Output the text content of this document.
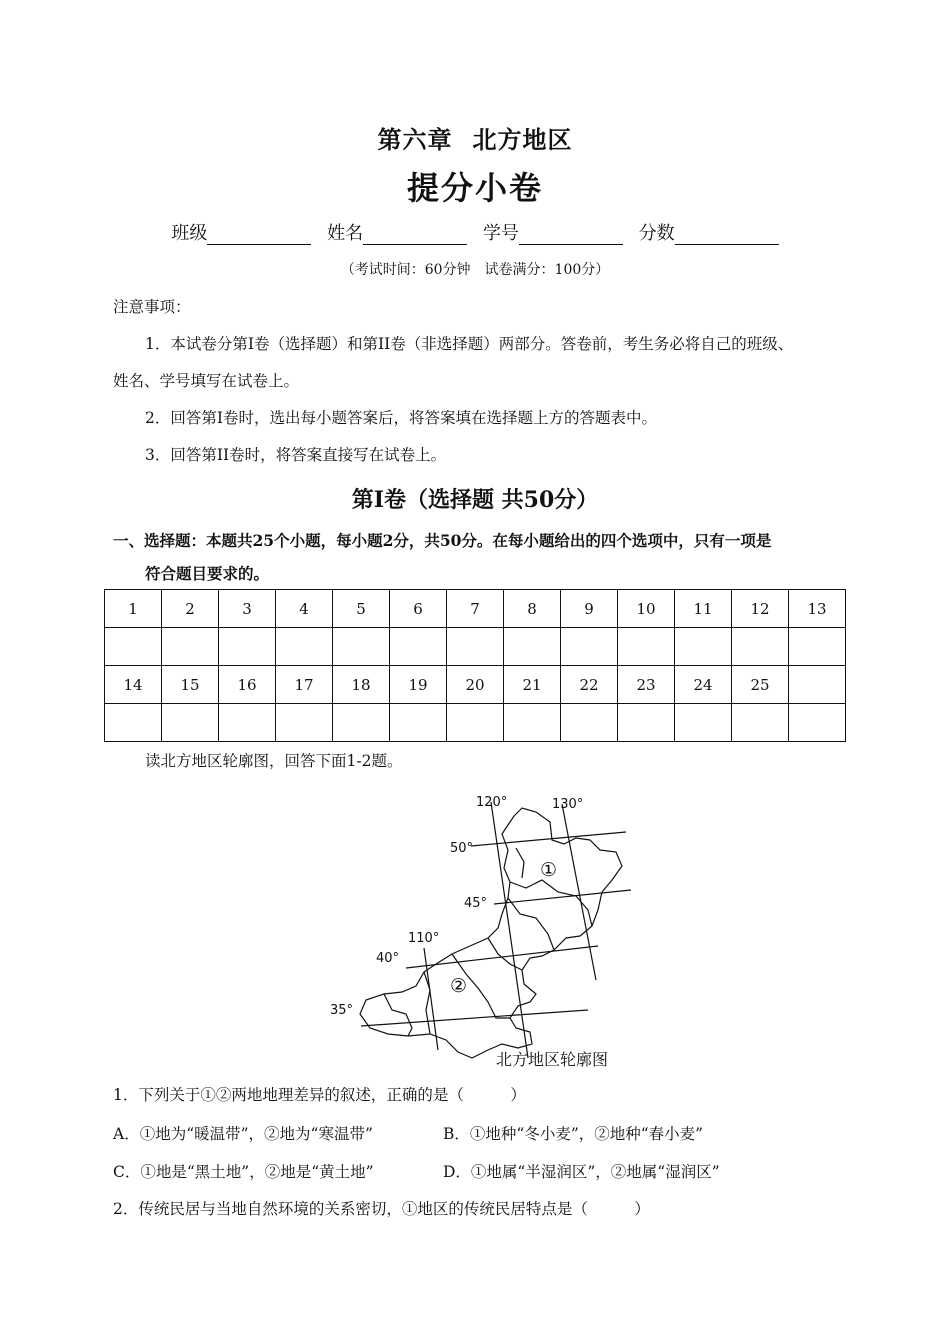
第六章 北方地区
提分小卷
班级	姓名	学号	分数
（考试时间：60分钟　试卷满分：100分）
注意事项：
1．本试卷分第I卷（选择题）和第II卷（非选择题）两部分。答卷前，考生务必将自己的班级、
姓名、学号填写在试卷上。
2．回答第I卷时，选出每小题答案后，将答案填在选择题上方的答题表中。
3．回答第II卷时，将答案直接写在试卷上。
第I卷（选择题 共50分）
一、选择题：本题共25个小题，每小题2分，共50分。在每小题给出的四个选项中，只有一项是
符合题目要求的。
1	2	3	4	5	6	7	8	9	10	11	12	13

14	15	16	17	18	19	20	21	22	23	24	25	

读北方地区轮廓图，回答下面1-2题。
120°	130°
110°
50°
45°
40°
35°
①
②
北方地区轮廓图
1．下列关于①②两地地理差异的叙述，正确的是（　　　）
A．①地为“暖温带”，②地为“寒温带”	B．①地种“冬小麦”，②地种“春小麦”
C．①地是“黑土地”，②地是“黄土地”	D．①地属“半湿润区”，②地属“湿润区”
2．传统民居与当地自然环境的关系密切，①地区的传统民居特点是（　　　）
